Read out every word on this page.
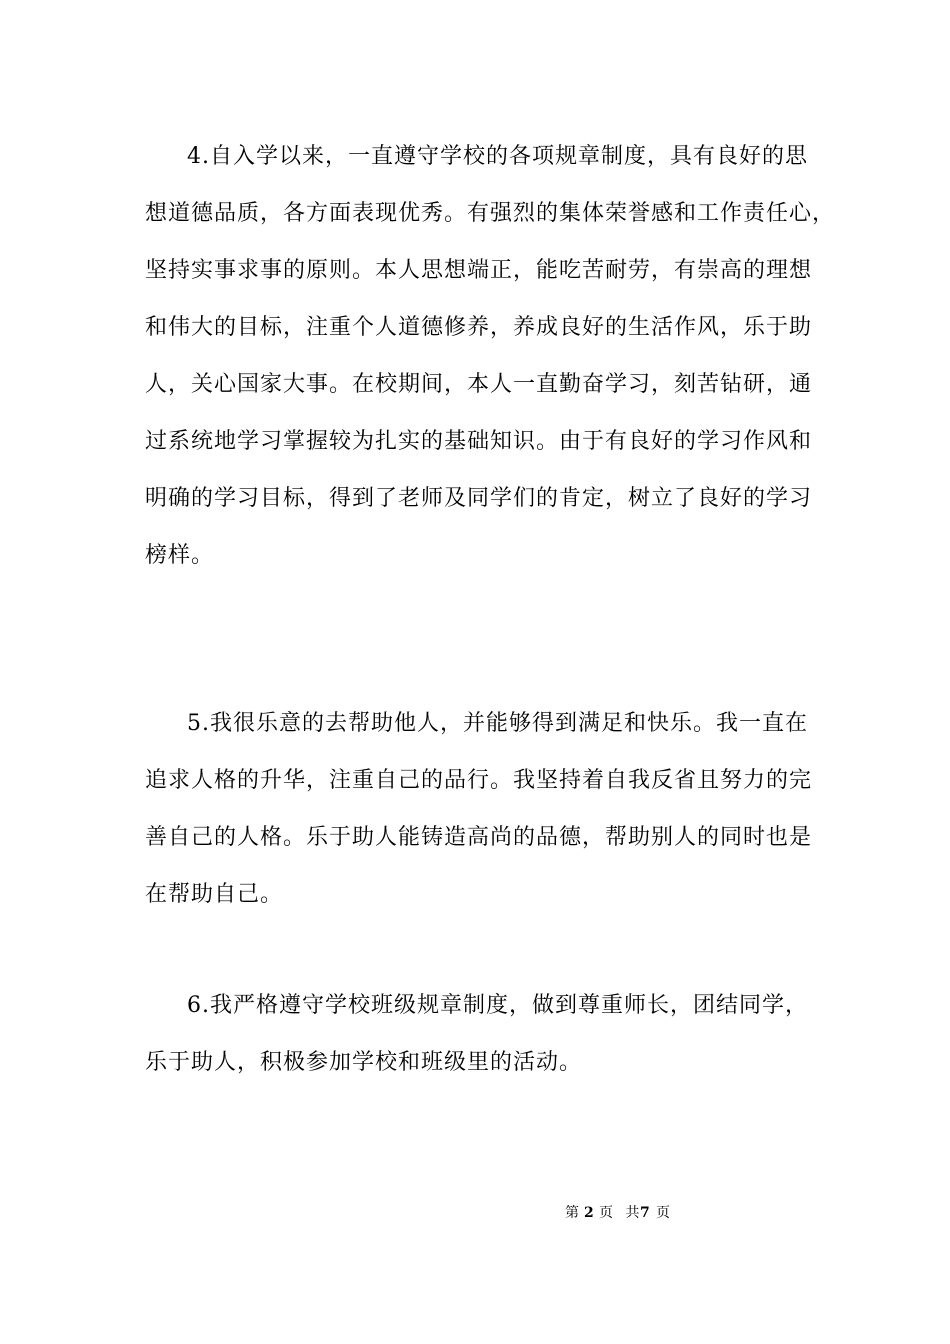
4.自入学以来，一直遵守学校的各项规章制度，具有良好的思
想道德品质，各方面表现优秀。有强烈的集体荣誉感和工作责任心，
坚持实事求事的原则。本人思想端正，能吃苦耐劳，有崇高的理想
和伟大的目标，注重个人道德修养，养成良好的生活作风，乐于助
人，关心国家大事。在校期间，本人一直勤奋学习，刻苦钻研，通
过系统地学习掌握较为扎实的基础知识。由于有良好的学习作风和
明确的学习目标，得到了老师及同学们的肯定，树立了良好的学习
榜样。
5.我很乐意的去帮助他人，并能够得到满足和快乐。我一直在
追求人格的升华，注重自己的品行。我坚持着自我反省且努力的完
善自己的人格。乐于助人能铸造高尚的品德，帮助别人的同时也是
在帮助自己。
6.我严格遵守学校班级规章制度，做到尊重师长，团结同学，
乐于助人，积极参加学校和班级里的活动。
第 2 页 共 7 页
